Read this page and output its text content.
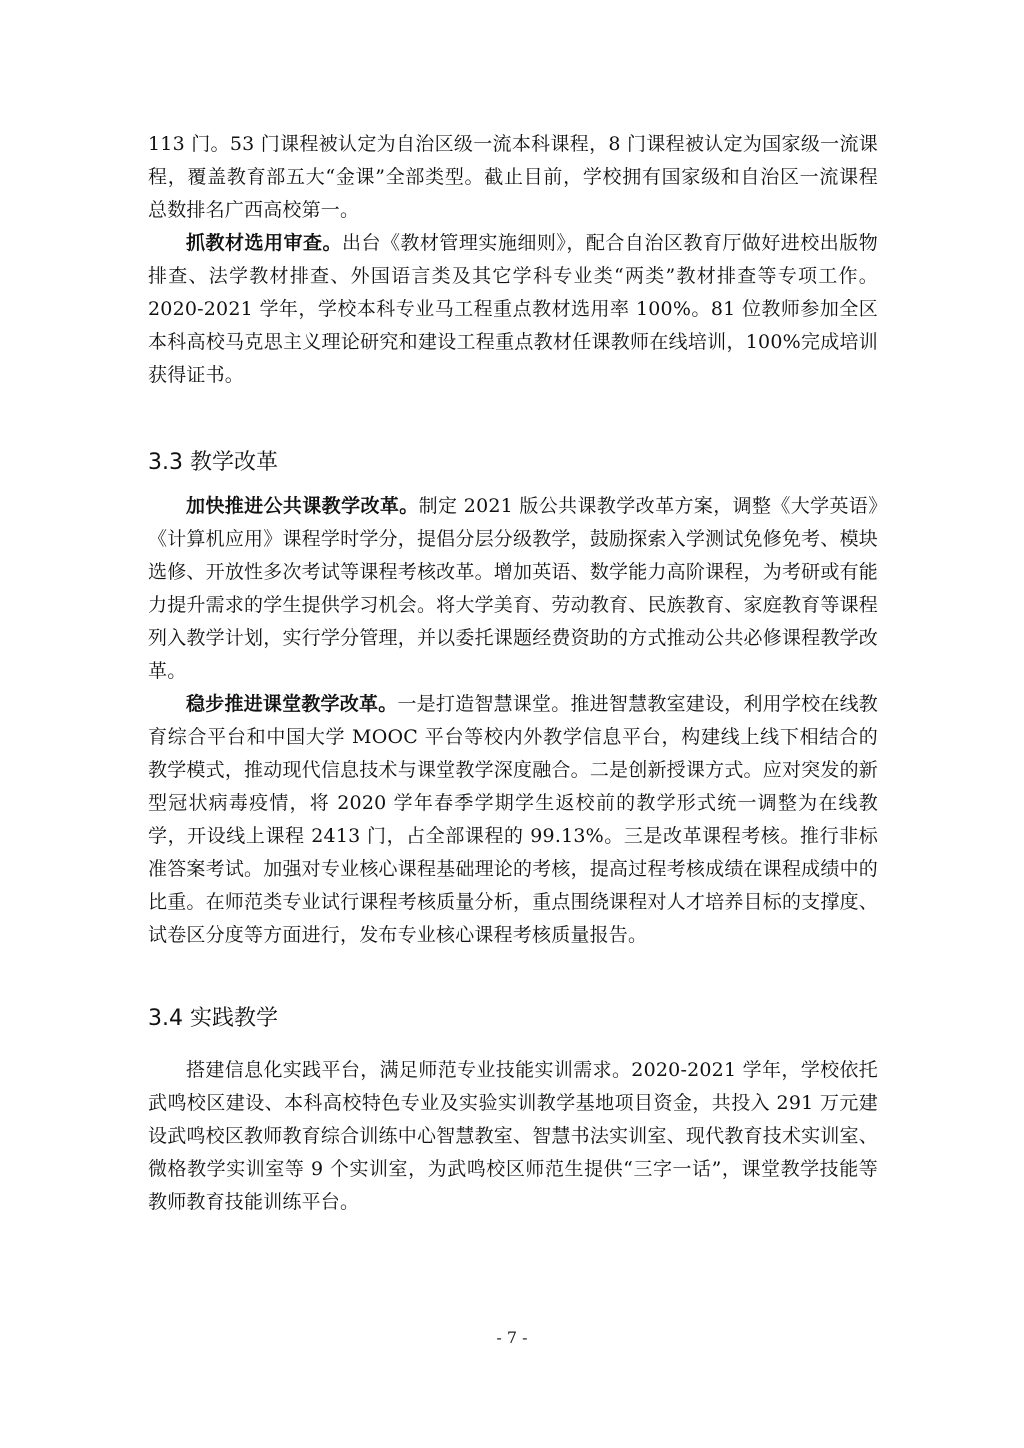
113 门。53 门课程被认定为自治区级一流本科课程，8 门课程被认定为国家级一流课程，覆盖教育部五大“金课”全部类型。截止目前，学校拥有国家级和自治区一流课程总数排名广西高校第一。

抓教材选用审查。出台《教材管理实施细则》，配合自治区教育厅做好进校出版物排查、法学教材排查、外国语言类及其它学科专业类“两类”教材排查等专项工作。2020-2021 学年，学校本科专业马工程重点教材选用率 100%。81 位教师参加全区本科高校马克思主义理论研究和建设工程重点教材任课教师在线培训，100%完成培训获得证书。

3.3 教学改革

加快推进公共课教学改革。制定 2021 版公共课教学改革方案，调整《大学英语》《计算机应用》课程学时学分，提倡分层分级教学，鼓励探索入学测试免修免考、模块选修、开放性多次考试等课程考核改革。增加英语、数学能力高阶课程，为考研或有能力提升需求的学生提供学习机会。将大学美育、劳动教育、民族教育、家庭教育等课程列入教学计划，实行学分管理，并以委托课题经费资助的方式推动公共必修课程教学改革。

稳步推进课堂教学改革。一是打造智慧课堂。推进智慧教室建设，利用学校在线教育综合平台和中国大学 MOOC 平台等校内外教学信息平台，构建线上线下相结合的教学模式，推动现代信息技术与课堂教学深度融合。二是创新授课方式。应对突发的新型冠状病毒疫情，将 2020 学年春季学期学生返校前的教学形式统一调整为在线教学，开设线上课程 2413 门，占全部课程的 99.13%。三是改革课程考核。推行非标准答案考试。加强对专业核心课程基础理论的考核，提高过程考核成绩在课程成绩中的比重。在师范类专业试行课程考核质量分析，重点围绕课程对人才培养目标的支撑度、试卷区分度等方面进行，发布专业核心课程考核质量报告。

3.4 实践教学

搭建信息化实践平台，满足师范专业技能实训需求。2020-2021 学年，学校依托武鸣校区建设、本科高校特色专业及实验实训教学基地项目资金，共投入 291 万元建设武鸣校区教师教育综合训练中心智慧教室、智慧书法实训室、现代教育技术实训室、微格教学实训室等 9 个实训室，为武鸣校区师范生提供“三字一话”，课堂教学技能等教师教育技能训练平台。

- 7 -
